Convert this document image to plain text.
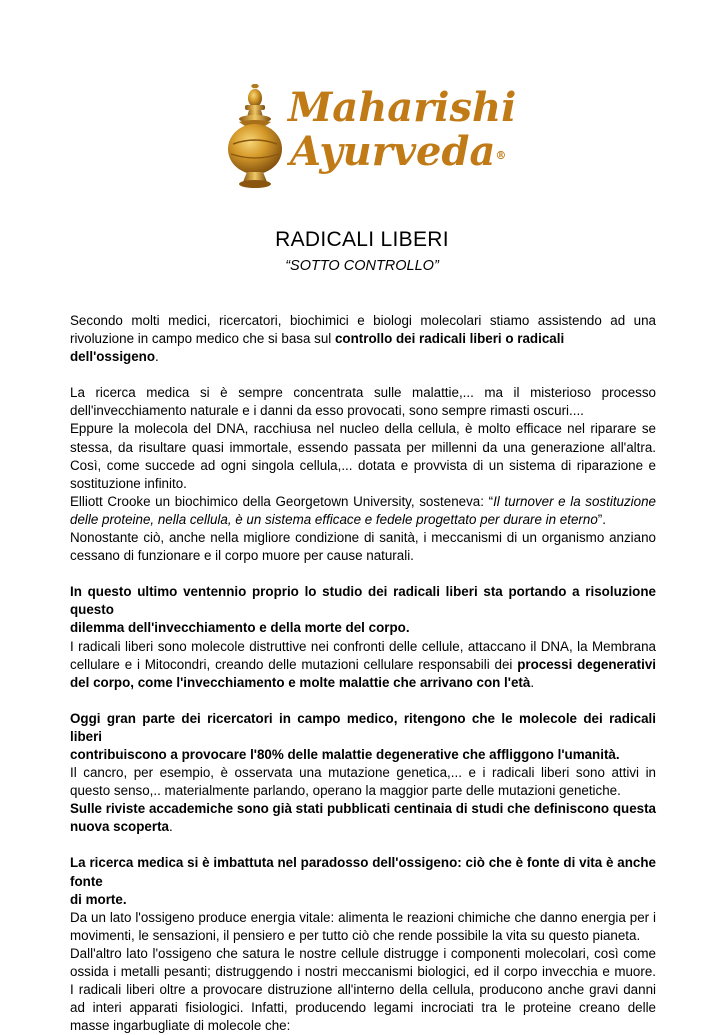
Maharishi
Ayurveda®
RADICALI LIBERI

“SOTTO CONTROLLO”

Secondo molti medici, ricercatori, biochimici e biologi molecolari stiamo assistendo ad una

rivoluzione in campo medico che si basa sul controllo dei radicali liberi o radicali dell'ossigeno.

La ricerca medica si è sempre concentrata sulle malattie,... ma il misterioso processo

dell'invecchiamento naturale e i danni da esso provocati, sono sempre rimasti oscuri....

Eppure la molecola del DNA, racchiusa nel nucleo della cellula, è molto efficace nel riparare se

stessa, da risultare quasi immortale, essendo passata per millenni da una generazione all'altra.

Così, come succede ad ogni singola cellula,... dotata e provvista di un sistema di riparazione e

sostituzione infinito.

Elliott Crooke un biochimico della Georgetown University, sosteneva: “Il turnover e la sostituzione

delle proteine, nella cellula, è un sistema efficace e fedele progettato per durare in eterno”.

Nonostante ciò, anche nella migliore condizione di sanità, i meccanismi di un organismo anziano

cessano di funzionare e il corpo muore per cause naturali.

In questo ultimo ventennio proprio lo studio dei radicali liberi sta portando a risoluzione questo

dilemma dell'invecchiamento e della morte del corpo.

I radicali liberi sono molecole distruttive nei confronti delle cellule, attaccano il DNA, la Membrana

cellulare e i Mitocondri, creando delle mutazioni cellulare responsabili dei processi degenerativi

del corpo, come l'invecchiamento e molte malattie che arrivano con l'età.

Oggi gran parte dei ricercatori in campo medico, ritengono che le molecole dei radicali liberi

contribuiscono a provocare l'80% delle malattie degenerative che affliggono l'umanità.

Il cancro, per esempio, è osservata una mutazione genetica,... e i radicali liberi sono attivi in

questo senso,.. materialmente parlando, operano la maggior parte delle mutazioni genetiche.

Sulle riviste accademiche sono già stati pubblicati centinaia di studi che definiscono questa

nuova scoperta.

La ricerca medica si è imbattuta nel paradosso dell'ossigeno: ciò che è fonte di vita è anche fonte

di morte.

Da un lato l'ossigeno produce energia vitale: alimenta le reazioni chimiche che danno energia per i

movimenti, le sensazioni, il pensiero e per tutto ciò che rende possibile la vita su questo pianeta.

Dall'altro lato l'ossigeno che satura le nostre cellule distrugge i componenti molecolari, così come

ossida i metalli pesanti; distruggendo i nostri meccanismi biologici, ed il corpo invecchia e muore.

I radicali liberi oltre a provocare distruzione all'interno della cellula, producono anche gravi danni

ad interi apparati fisiologici. Infatti, producendo legami incrociati tra le proteine creano delle

masse ingarbugliate di molecole che:
